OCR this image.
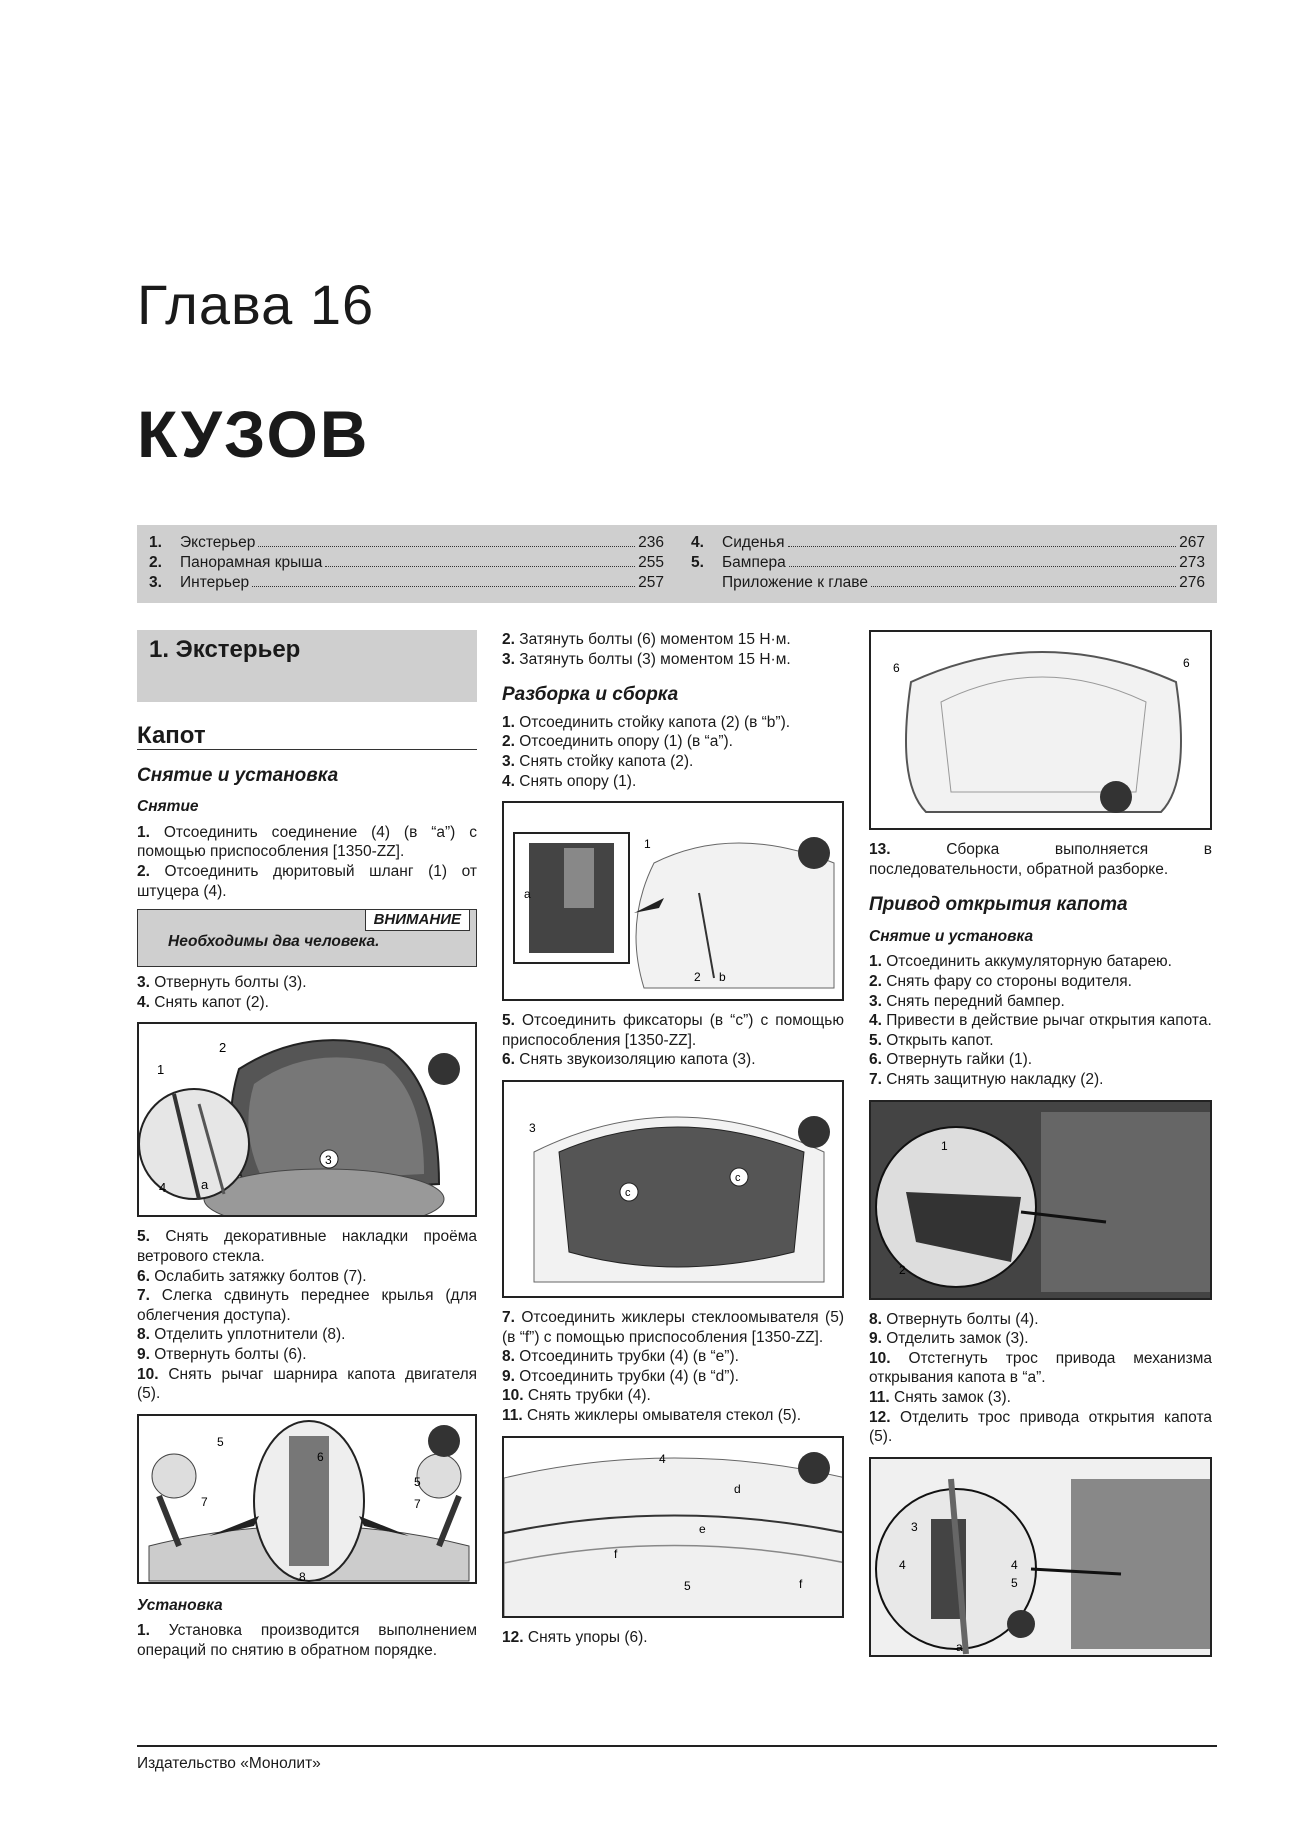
Глава 16
КУЗОВ
1.	Экстерьер	236
2.	Панорамная крыша	255
3.	Интерьер	257
4.	Сиденья	267
5.	Бампера	273
Приложение к главе	276
1. Экстерьер
Капот
Снятие и установка
Снятие

1. Отсоединить соединение (4) (в “a”) с помощью приспособления [1350-ZZ].

2. Отсоединить дюритовый шланг (1) от штуцера (4).

ВНИМАНИЕ
Необходимы два человека.

3. Отвернуть болты (3).

4. Снять капот (2).

2
1
3
4	a

5. Снять декоративные накладки проёма ветрового стекла.

6. Ослабить затяжку болтов (7).

7. Слегка сдвинуть переднее крылья (для облегчения доступа).

8. Отделить уплотнители (8).

9. Отвернуть болты (6).

10. Снять рычаг шарнира капота двигателя (5).

5
6
7
5
7
8
Установка

1. Установка производится выполнением операций по снятию в обратном порядке.

2. Затянуть болты (6) моментом 15 Н·м.

3. Затянуть болты (3) моментом 15 Н·м.

Разборка и сборка

1. Отсоединить стойку капота (2) (в “b”).

2. Отсоединить опору (1) (в “a”).

3. Снять стойку капота (2).

4. Снять опору (1).

1
a
2 b

5. Отсоединить фиксаторы (в “c”) с помощью приспособления [1350-ZZ].

6. Снять звукоизоляцию капота (3).

3
c
c

7. Отсоединить жиклеры стеклоомывателя (5) (в “f”) с помощью приспособления [1350-ZZ].

8. Отсоединить трубки (4) (в “e”).

9. Отсоединить трубки (4) (в “d”).

10. Снять трубки (4).

11. Снять жиклеры омывателя стекол (5).

4
d
e
f
5	f

12. Снять упоры (6).

6	6

13.	Сборка выполняется в последовательности, обратной разборке.

Привод открытия капота
Снятие и установка

1. Отсоединить аккумуляторную батарею.

2. Снять фару со стороны водителя.

3. Снять передний бампер.

4. Привести в действие рычаг открытия капота.

5. Открыть капот.

6. Отвернуть гайки (1).

7. Снять защитную накладку (2).

1
2

8. Отвернуть болты (4).

9. Отделить замок (3).

10. Отстегнуть трос привода механизма открывания капота в “a”.

11. Снять замок (3).

12. Отделить трос привода открытия капота (5).

3
4	4
5
a
Издательство «Монолит»
